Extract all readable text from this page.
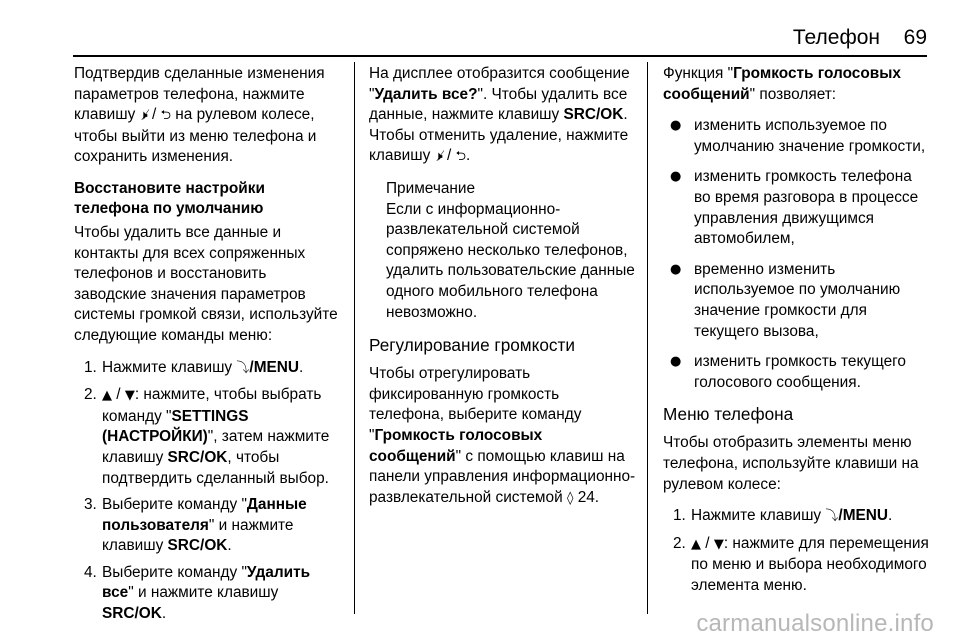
Телефон 69

Подтвердив сделанные изменения параметров телефона, нажмите клавишу 🕨̸ / ⮌ на рулевом колесе, чтобы выйти из меню телефона и сохранить изменения.

Восстановите настройки телефона по умолчанию

Чтобы удалить все данные и контакты для всех сопряженных телефонов и восстановить заводские значения параметров системы громкой связи, используйте следующие команды меню:

1. Нажмите клавишу ⤵/MENU.
2. ▲ / ▼: нажмите, чтобы выбрать команду "SETTINGS (НАСТРОЙКИ)", затем нажмите клавишу SRC/OK, чтобы подтвердить сделанный выбор.
3. Выберите команду "Данные пользователя" и нажмите клавишу SRC/OK.
4. Выберите команду "Удалить все" и нажмите клавишу SRC/OK.

На дисплее отобразится сообщение "Удалить все?". Чтобы удалить все данные, нажмите клавишу SRC/OK. Чтобы отменить удаление, нажмите клавишу 🕨̸ / ⮌.

Примечание
Если с информационно-развлекательной системой сопряжено несколько телефонов, удалить пользовательские данные одного мобильного телефона невозможно.
Регулирование громкости

Чтобы отрегулировать фиксированную громкость телефона, выберите команду "Громкость голосовых сообщений" с помощью клавиш на панели управления информационно-развлекательной системой ◊ 24.

Функция "Громкость голосовых сообщений" позволяет:

● изменить используемое по умолчанию значение громкости,
● изменить громкость телефона во время разговора в процессе управления движущимся автомобилем,
● временно изменить используемое по умолчанию значение громкости для текущего вызова,
● изменить громкость текущего голосового сообщения.
Меню телефона

Чтобы отобразить элементы меню телефона, используйте клавиши на рулевом колесе:

1. Нажмите клавишу ⤵/MENU.
2. ▲ / ▼: нажмите для перемещения по меню и выбора необходимого элемента меню.
carmanualsonline.info
